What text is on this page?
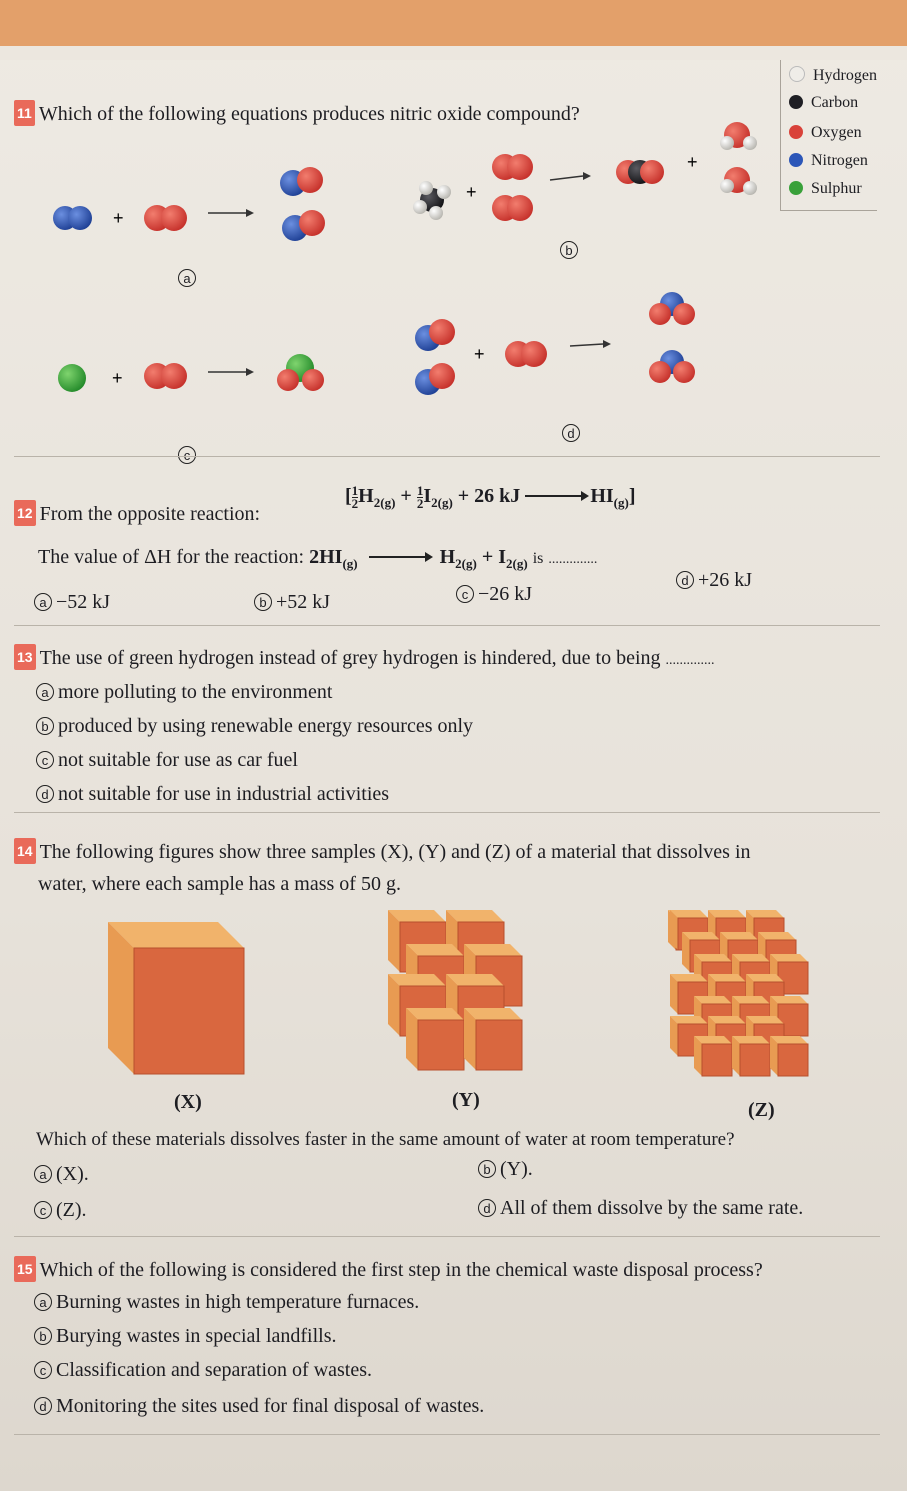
11 Which of the following equations produces nitric oxide compound?
Hydrogen
Carbon
Oxygen
Nitrogen
Sulphur
+
+
+
+
+
a
b
d
12 From the opposite reaction:
[ $\frac{1}{2} H_{2(g)} + \frac{1}{2} I_{2(g)} + 26$ kJ	$HI_{(g)}$]
The value of ΔH for the reaction: $2HI_{(g)}$	$H_{2(g)} + I_{2(g)}$ is ..............
a −52 kJ	b +52 kJ	c −26 kJ
d +26 kJ
13 The use of green hydrogen instead of grey hydrogen is hindered, due to being ..............
a more polluting to the environment
b produced by using renewable energy resources only
c not suitable for use as car fuel
d not suitable for use in industrial activities
14 The following figures show three samples (X), (Y) and (Z) of a material that dissolves in
water, where each sample has a mass of 50 g.
(X)	(Y)	(Z)
Which of these materials dissolves faster in the same amount of water at room temperature?
a (X).	b (Y).
c (Z).	d All of them dissolve by the same rate.
15 Which of the following is considered the first step in the chemical waste disposal process?
a Burning wastes in high temperature furnaces.
b Burying wastes in special landfills.
c Classification and separation of wastes.
d Monitoring the sites used for final disposal of wastes.
